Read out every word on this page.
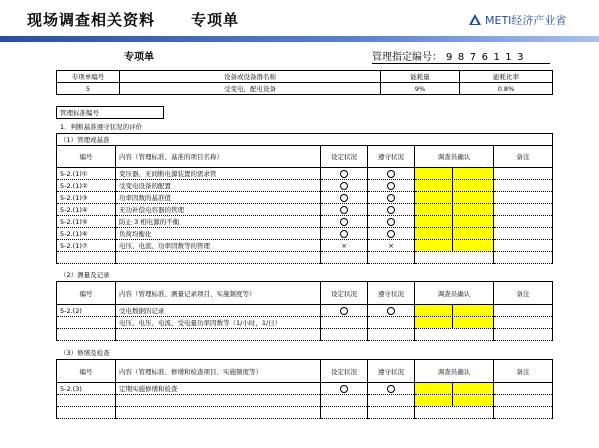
现场调查相关资料 专项单	METI经济产业省
专项单	管理指定编号： 9876113
专项单编号	设备或设备群名称	能耗量	能耗比率
5	受变电，配电设备	9%	0.8%
管理标准编号	
1．判断基准遵守状况的评价
（1）管理或基准					
编号	内容（管理标准、基准的项目名称）	设定状况	遵守状况	调查员确认	备注
5-2.(1)①	变压器、无间断电源装置的需求管			

5-2.(1)②	受变电设备的配置			

5-2.(1)③	功率因数的基准值			

5-2.(1)④	无功补偿电容器的管理			

5-2.(1)⑤	防止 3 相电源的不衡			

5-2.(1)⑥	负荷均衡化			

5-2.(1)⑦	电压、电流、功率因数等的管理	×	×	

（2）测量及记录
编号	内容（管理标准、测量记录项目、实施频度等）	设定状况	遵守状况	调查员确认	备注
5-2.(2)	受电数据的记录			

	电压、电压、电流、受电量功率因数等（1/小时，1/日）			

（3）修缮及检查
编号	内容（管理标准、修缮和检查项目、实施频度等）	设定状况	遵守状况	调查员确认	备注
5-2.(3)	定期实施修缮和检查			
